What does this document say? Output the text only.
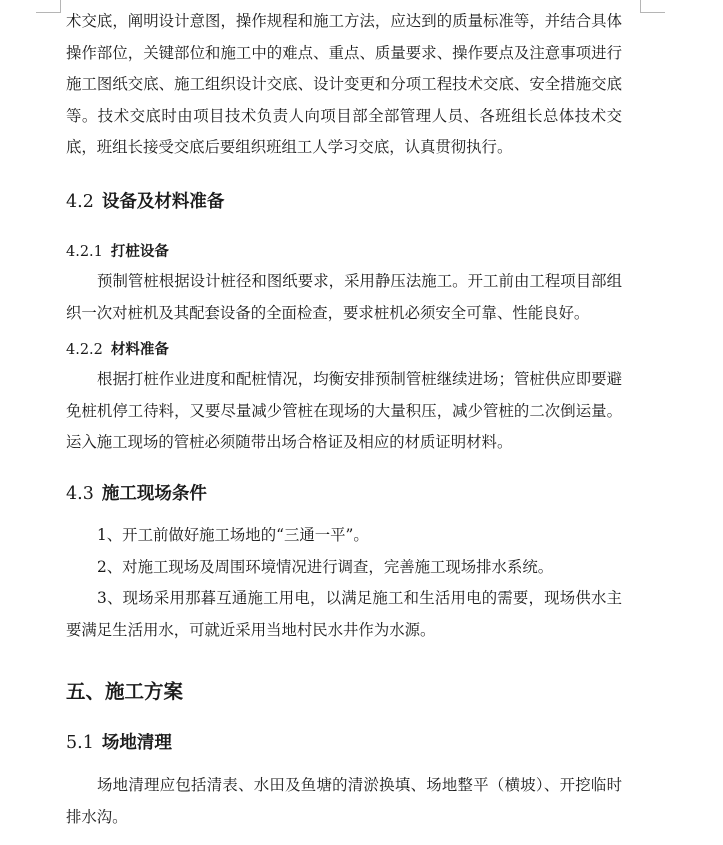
术交底，阐明设计意图，操作规程和施工方法，应达到的质量标准等，并结合具体操作部位，关键部位和施工中的难点、重点、质量要求、操作要点及注意事项进行施工图纸交底、施工组织设计交底、设计变更和分项工程技术交底、安全措施交底等。技术交底时由项目技术负责人向项目部全部管理人员、各班组长总体技术交底，班组长接受交底后要组织班组工人学习交底，认真贯彻执行。

4.2 设备及材料准备
4.2.1 打桩设备

预制管桩根据设计桩径和图纸要求，采用静压法施工。开工前由工程项目部组织一次对桩机及其配套设备的全面检查，要求桩机必须安全可靠、性能良好。

4.2.2 材料准备

根据打桩作业进度和配桩情况，均衡安排预制管桩继续进场；管桩供应即要避免桩机停工待料，又要尽量减少管桩在现场的大量积压，减少管桩的二次倒运量。运入施工现场的管桩必须随带出场合格证及相应的材质证明材料。

4.3 施工现场条件

1、开工前做好施工场地的“三通一平”。

2、对施工现场及周围环境情况进行调查，完善施工现场排水系统。

3、现场采用那暮互通施工用电，以满足施工和生活用电的需要，现场供水主要满足生活用水，可就近采用当地村民水井作为水源。

五、施工方案
5.1 场地清理

场地清理应包括清表、水田及鱼塘的清淤换填、场地整平（横坡）、开挖临时排水沟。
